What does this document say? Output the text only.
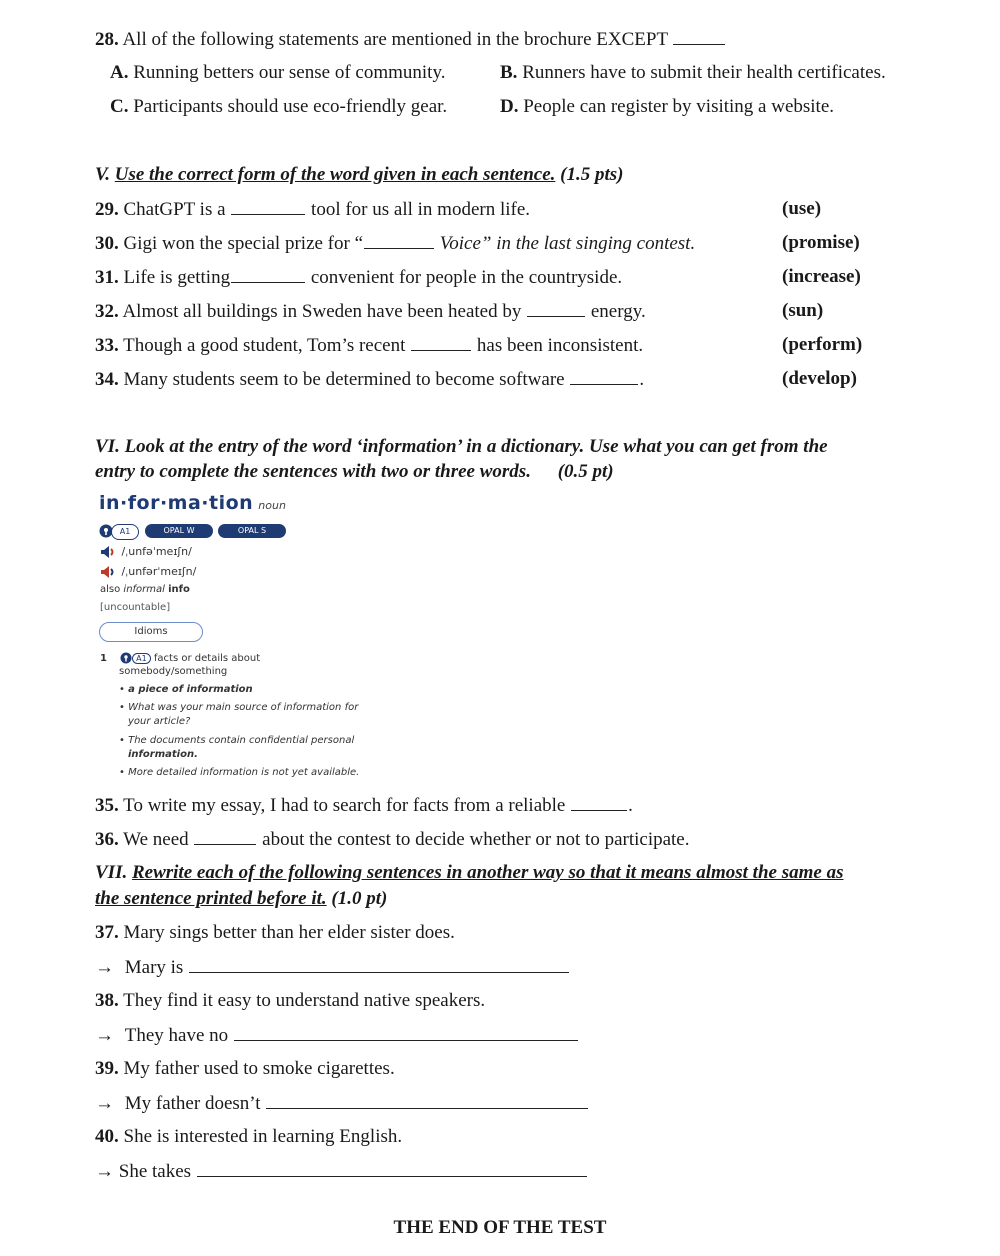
28. All of the following statements are mentioned in the brochure EXCEPT
A. Running betters our sense of community.	B. Runners have to submit their health certificates.
C. Participants should use eco-friendly gear.	D. People can register by visiting a website.
V. Use the correct form of the word given in each sentence. (1.5 pts)
29. ChatGPT is a	tool for us all in modern life.	(use)
30. Gigi won the special prize for “	Voice” in the last singing contest.	(promise)
31. Life is getting	convenient for people in the countryside.	(increase)
32. Almost all buildings in Sweden have been heated by	energy.	(sun)
33. Though a good student, Tom’s recent	has been inconsistent.	(perform)
34. Many students seem to be determined to become software	.	(develop)
VI. Look at the entry of the word ‘information’ in a dictionary. Use what you can get from the
entry to complete the sentences with two or three words. (0.5 pt)
in·for·ma·tion noun
A1	OPAL W	OPAL S
/ˌunfəˈmeɪʃn/
/ˌunfərˈmeɪʃn/
also informal info
[uncountable]
Idioms
1	A1 facts or details about
somebody/something
• a piece of information
• What was your main source of information for
your article?
• The documents contain confidential personal
information.
• More detailed information is not yet available.
35. To write my essay, I had to search for facts from a reliable	.
36. We need	about the contest to decide whether or not to participate.
VII. Rewrite each of the following sentences in another way so that it means almost the same as
the sentence printed before it. (1.0 pt)
37. Mary sings better than her elder sister does.
→ Mary is
38. They find it easy to understand native speakers.
→ They have no
39. My father used to smoke cigarettes.
→ My father doesn’t
40. She is interested in learning English.
→ She takes
THE END OF THE TEST
